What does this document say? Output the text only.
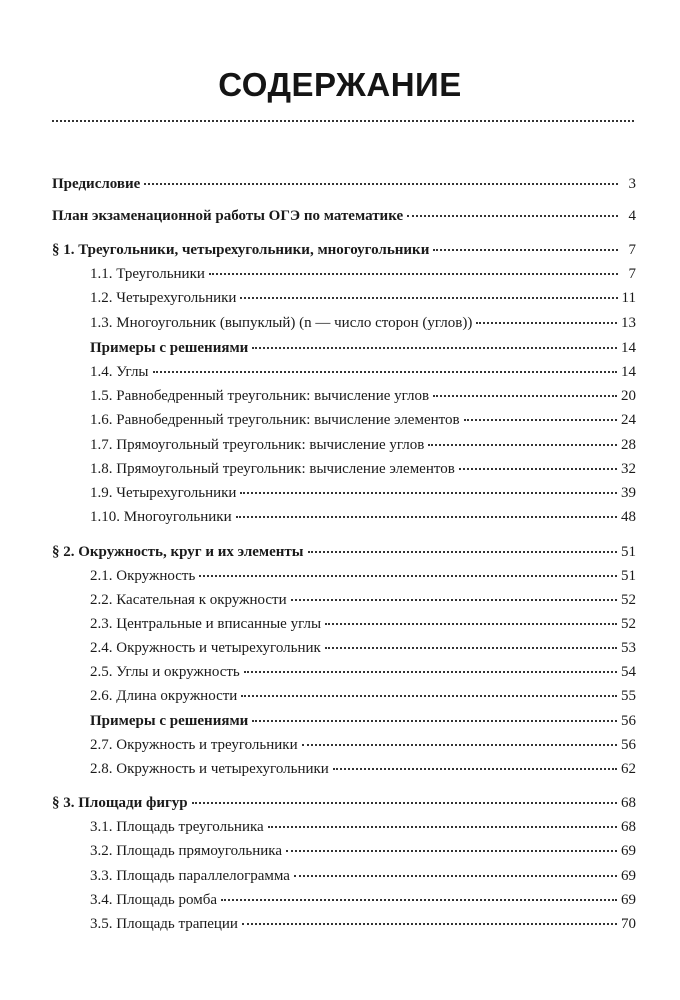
СОДЕРЖАНИЕ
Предисловие	3
План экзаменационной работы ОГЭ по математике	4
§ 1. Треугольники, четырехугольники, многоугольники	7
1.1. Треугольники	7
1.2. Четырехугольники	11
1.3. Многоугольник (выпуклый) (n — число сторон (углов))	13
Примеры с решениями	14
1.4. Углы	14
1.5. Равнобедренный треугольник: вычисление углов	20
1.6. Равнобедренный треугольник: вычисление элементов	24
1.7. Прямоугольный треугольник: вычисление углов	28
1.8. Прямоугольный треугольник: вычисление элементов	32
1.9. Четырехугольники	39
1.10. Многоугольники	48
§ 2. Окружность, круг и их элементы	51
2.1. Окружность	51
2.2. Касательная к окружности	52
2.3. Центральные и вписанные углы	52
2.4. Окружность и четырехугольник	53
2.5. Углы и окружность	54
2.6. Длина окружности	55
Примеры с решениями	56
2.7. Окружность и треугольники	56
2.8. Окружность и четырехугольники	62
§ 3. Площади фигур	68
3.1. Площадь треугольника	68
3.2. Площадь прямоугольника	69
3.3. Площадь параллелограмма	69
3.4. Площадь ромба	69
3.5. Площадь трапеции	70
